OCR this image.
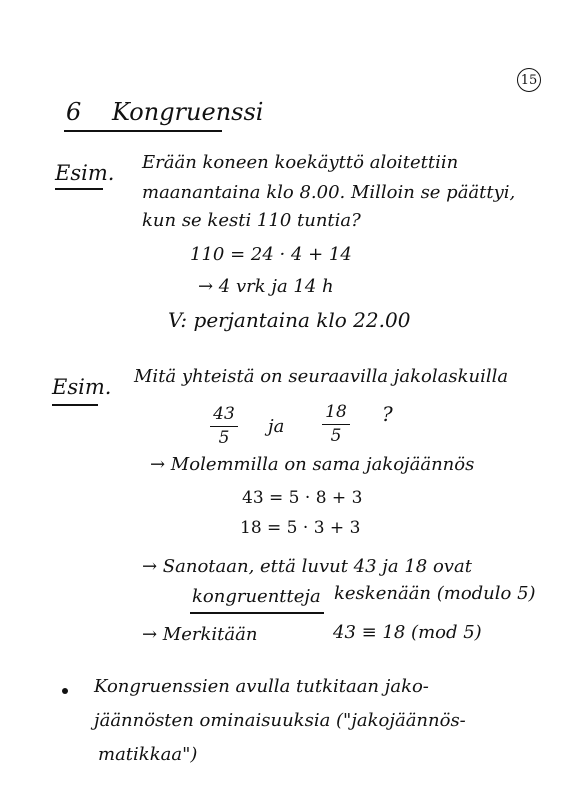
15
6 Kongruenssi
Esim. Erään koneen koekäyttö aloitettiin
maanantaina klo 8.00. Milloin se päättyi,
kun se kesti 110 tuntia?
110 = 24 · 4 + 14
→ 4 vrk ja 14 h
V: perjantaina klo 22.00
Esim. Mitä yhteistä on seuraavilla jakolaskuilla
43
5
ja
18
5
?
→ Molemmilla on sama jakojäännös
43 = 5 · 8 + 3
18 = 5 · 3 + 3
→ Sanotaan, että luvut 43 ja 18 ovat
kongruentteja keskenään (modulo 5)
→ Merkitään	43 ≡ 18 (mod 5)
Kongruenssien avulla tutkitaan jako-
jäännösten ominaisuuksia ("jakojäännös-
matikkaa")
